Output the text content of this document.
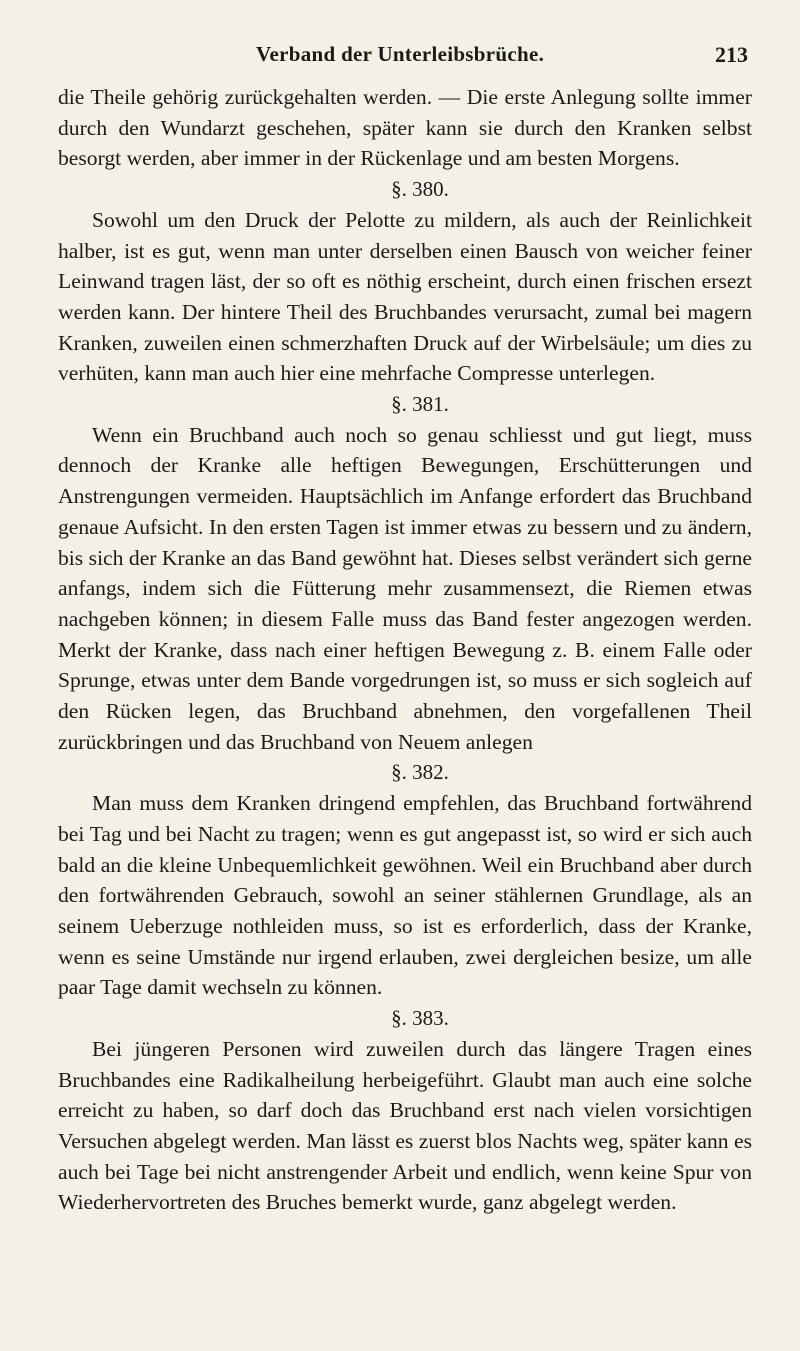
Verband der Unterleibsbrüche.	213

die Theile gehörig zurückgehalten werden. — Die erste Anlegung sollte immer durch den Wundarzt geschehen, später kann sie durch den Kranken selbst besorgt werden, aber immer in der Rückenlage und am besten Morgens.

§. 380.

Sowohl um den Druck der Pelotte zu mildern, als auch der Reinlichkeit halber, ist es gut, wenn man unter derselben einen Bausch von weicher feiner Leinwand tragen läst, der so oft es nöthig erscheint, durch einen frischen ersezt werden kann. Der hintere Theil des Bruchbandes verursacht, zumal bei magern Kranken, zuweilen einen schmerzhaften Druck auf der Wirbelsäule; um dies zu verhüten, kann man auch hier eine mehrfache Compresse unterlegen.

§. 381.

Wenn ein Bruchband auch noch so genau schliesst und gut liegt, muss dennoch der Kranke alle heftigen Bewegungen, Erschütterungen und Anstrengungen vermeiden. Hauptsächlich im Anfange erfordert das Bruchband genaue Aufsicht. In den ersten Tagen ist immer etwas zu bessern und zu ändern, bis sich der Kranke an das Band gewöhnt hat. Dieses selbst verändert sich gerne anfangs, indem sich die Fütterung mehr zusammensezt, die Riemen etwas nachgeben können; in diesem Falle muss das Band fester angezogen werden. Merkt der Kranke, dass nach einer heftigen Bewegung z. B. einem Falle oder Sprunge, etwas unter dem Bande vorgedrungen ist, so muss er sich sogleich auf den Rücken legen, das Bruchband abnehmen, den vorgefallenen Theil zurückbringen und das Bruchband von Neuem anlegen

§. 382.

Man muss dem Kranken dringend empfehlen, das Bruchband fortwährend bei Tag und bei Nacht zu tragen; wenn es gut angepasst ist, so wird er sich auch bald an die kleine Unbequemlichkeit gewöhnen. Weil ein Bruchband aber durch den fortwährenden Gebrauch, sowohl an seiner stählernen Grundlage, als an seinem Ueberzuge nothleiden muss, so ist es erforderlich, dass der Kranke, wenn es seine Umstände nur irgend erlauben, zwei dergleichen besize, um alle paar Tage damit wechseln zu können.

§. 383.

Bei jüngeren Personen wird zuweilen durch das längere Tragen eines Bruchbandes eine Radikalheilung herbeigeführt. Glaubt man auch eine solche erreicht zu haben, so darf doch das Bruchband erst nach vielen vorsichtigen Versuchen abgelegt werden. Man lässt es zuerst blos Nachts weg, später kann es auch bei Tage bei nicht anstrengender Arbeit und endlich, wenn keine Spur von Wiederhervortreten des Bruches bemerkt wurde, ganz abgelegt werden.
